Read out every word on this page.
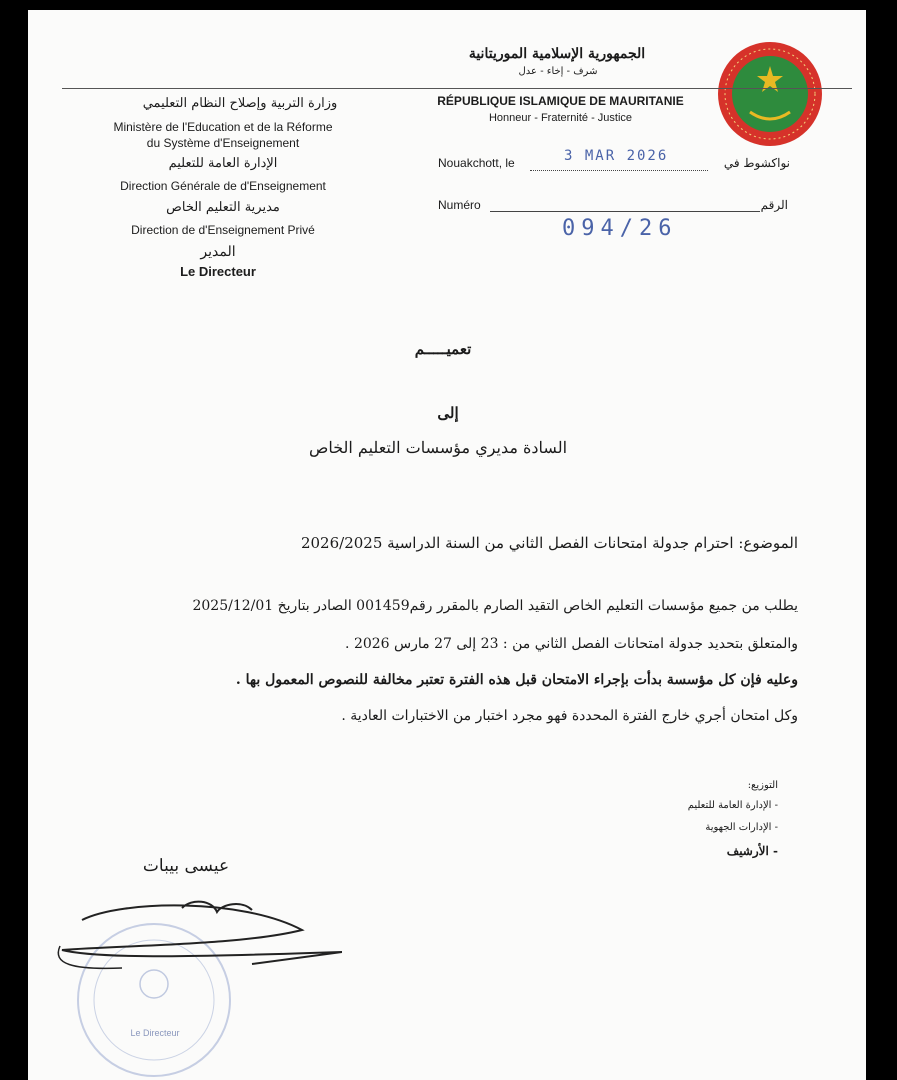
الجمهورية الإسلامية الموريتانية
شرف - إخاء - عدل
RÉPUBLIQUE ISLAMIQUE DE MAURITANIE
Honneur - Fraternité - Justice
وزارة التربية وإصلاح النظام التعليمي
Ministère de l'Education et de la Réforme
du Système d'Enseignement
الإدارة العامة للتعليم
Direction Générale de d'Enseignement
مديرية التعليم الخاص
Direction de d'Enseignement Privé
المدير
Le Directeur
Nouakchott, le	3 MAR 2026	نواكشوط في
Numéro	الرقم
094/26
تعميـــــم
إلى
السادة مديري مؤسسات التعليم الخاص
الموضوع: احترام جدولة امتحانات الفصل الثاني من السنة الدراسية 2026/2025
يطلب من جميع مؤسسات التعليم الخاص التقيد الصارم بالمقرر رقم001459 الصادر بتاريخ 2025/12/01
والمتعلق بتحديد جدولة امتحانات الفصل الثاني من : 23 إلى 27 مارس 2026 .
وعليه فإن كل مؤسسة بدأت بإجراء الامتحان قبل هذه الفترة تعتبر مخالفة للنصوص المعمول بها .
وكل امتحان أجري خارج الفترة المحددة فهو مجرد اختبار من الاختبارات العادية .
التوزيع:
- الإدارة العامة للتعليم
- الإدارات الجهوية
- الأرشيف
عيسى بيبات
Le Directeur
